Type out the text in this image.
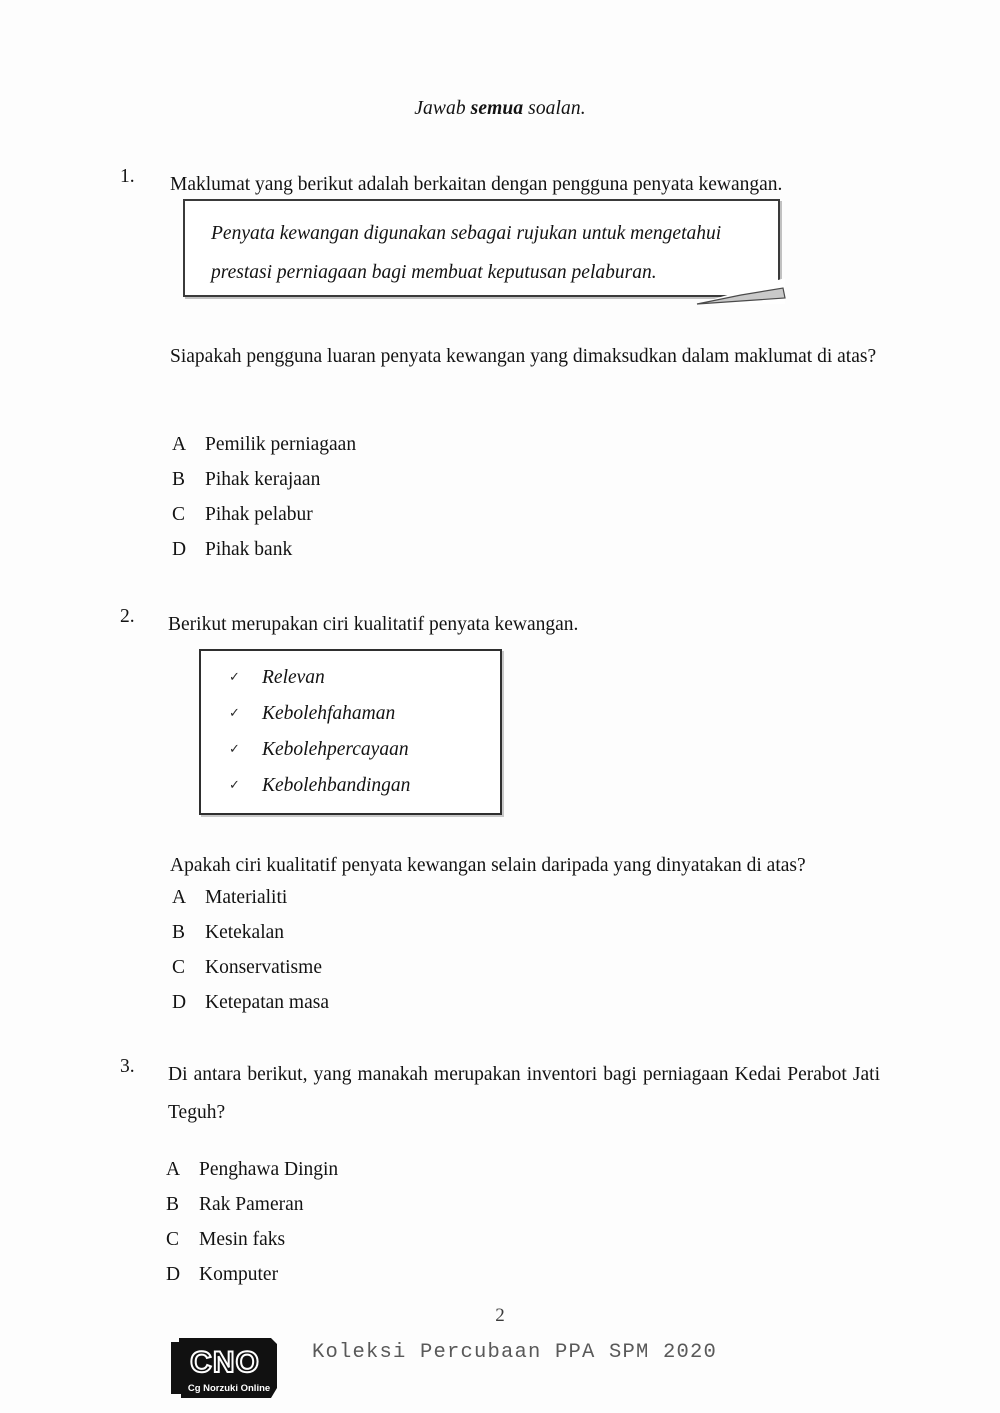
Jawab semua soalan.
1.	Maklumat yang berikut adalah berkaitan dengan pengguna penyata kewangan.
Penyata kewangan digunakan sebagai rujukan untuk mengetahui
prestasi perniagaan bagi membuat keputusan pelaburan.
Siapakah pengguna luaran penyata kewangan yang dimaksudkan dalam maklumat di atas?
A Pemilik perniagaan
B	Pihak kerajaan
C	Pihak pelabur
D Pihak bank
2.	Berikut merupakan ciri kualitatif penyata kewangan.
✓	Relevan
✓	Kebolehfahaman
✓	Kebolehpercayaan
✓	Kebolehbandingan
Apakah ciri kualitatif penyata kewangan selain daripada yang dinyatakan di atas?
A Materialiti
B	Ketekalan
C	Konservatisme
D Ketepatan masa
3.	Di antara berikut, yang manakah merupakan inventori bagi perniagaan Kedai Perabot Jati Teguh?
A Penghawa Dingin
B	Rak Pameran
C	Mesin faks
D Komputer
2
CNO
Cg Norzuki Online
Koleksi Percubaan PPA SPM 2020
